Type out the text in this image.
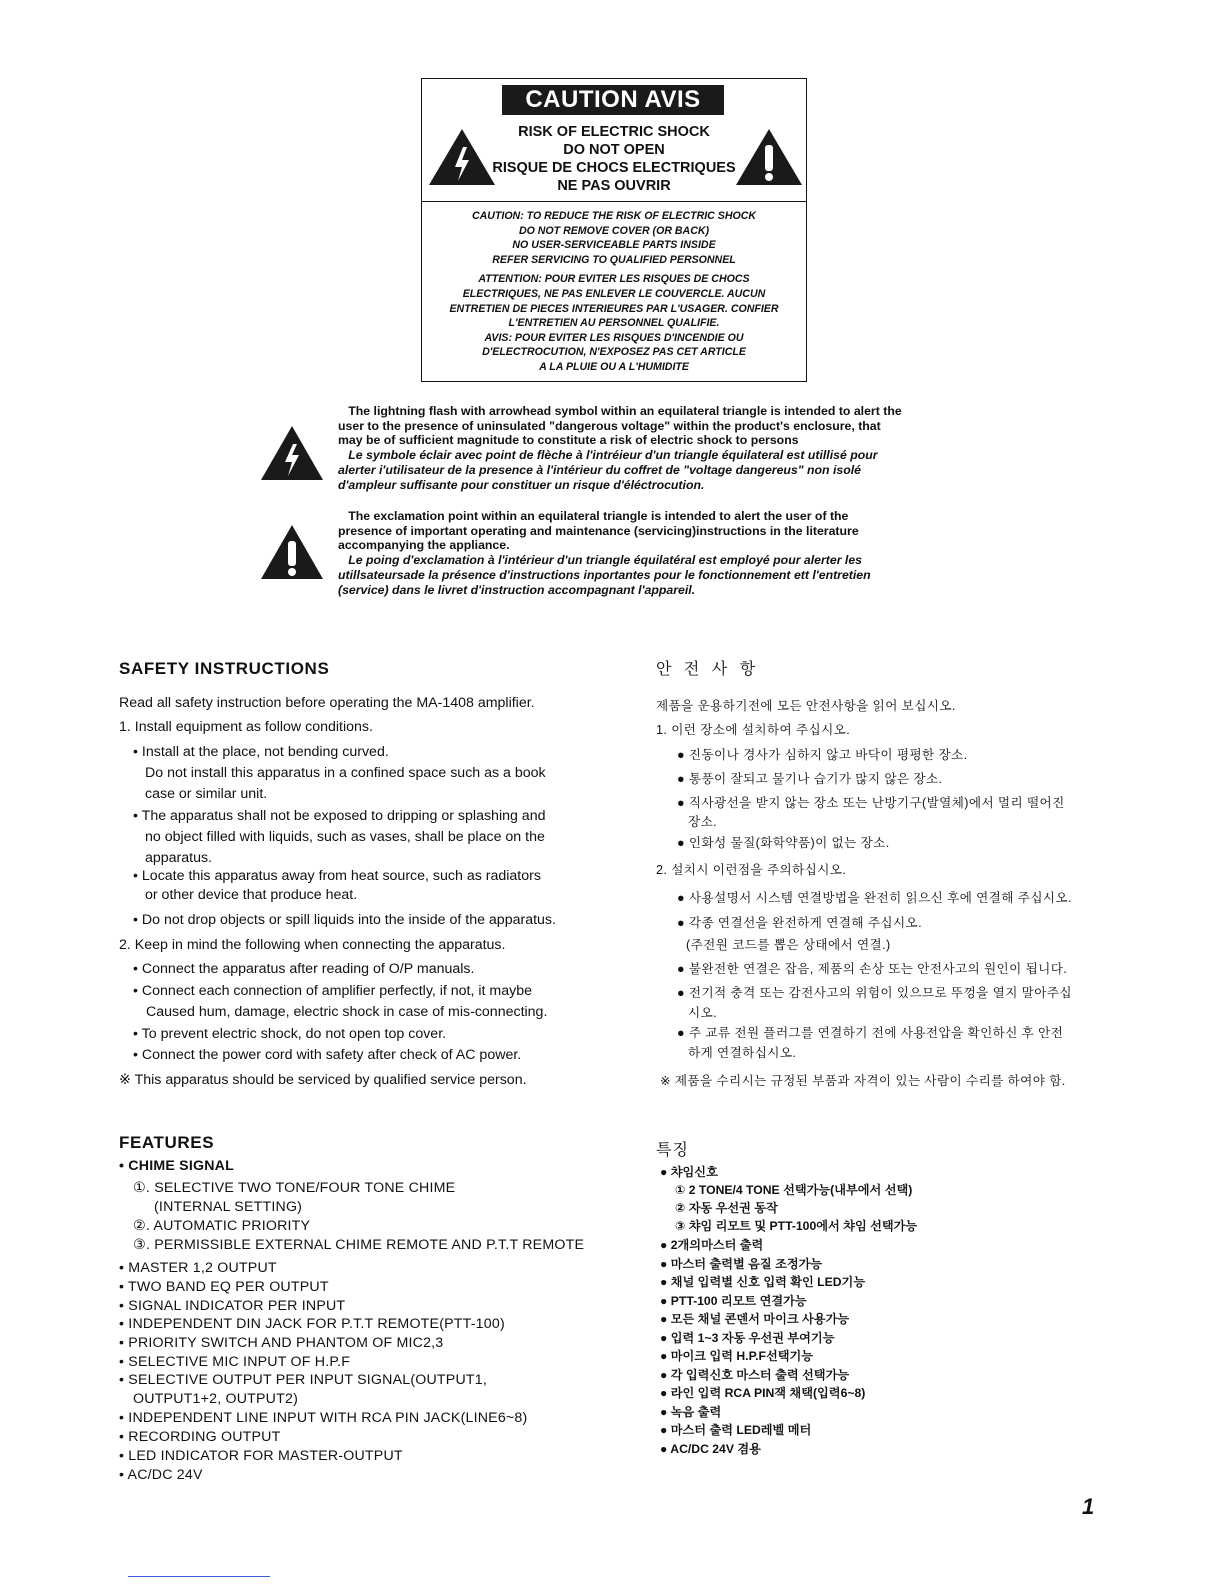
CAUTION AVIS
RISK OF ELECTRIC SHOCK
DO NOT OPEN
RISQUE DE CHOCS ELECTRIQUES
NE PAS OUVRIR
CAUTION: TO REDUCE THE RISK OF ELECTRIC SHOCK
DO NOT REMOVE COVER (OR BACK)
NO USER-SERVICEABLE PARTS INSIDE
REFER SERVICING TO QUALIFIED PERSONNEL
ATTENTION: POUR EVITER LES RISQUES DE CHOCS
ELECTRIQUES, NE PAS ENLEVER LE COUVERCLE. AUCUN
ENTRETIEN DE PIECES INTERIEURES PAR L'USAGER. CONFIER
L'ENTRETIEN AU PERSONNEL QUALIFIE.
AVIS: POUR EVITER LES RISQUES D'INCENDIE OU
D'ELECTROCUTION, N'EXPOSEZ PAS CET ARTICLE
A LA PLUIE OU A L'HUMIDITE
The lightning flash with arrowhead symbol within an equilateral triangle is intended to alert the
user to the presence of uninsulated "dangerous voltage" within the product's enclosure, that
may be of sufficient magnitude to constitute a risk of electric shock to persons
Le symbole éclair avec point de flèche à l'intréieur d'un triangle équilateral est utillisé pour
alerter i'utilisateur de la presence à l'intérieur du coffret de "voltage dangereus" non isolé
d'ampleur suffisante pour constituer un risque d'éléctrocution.
The exclamation point within an equilateral triangle is intended to alert the user of the
presence of important operating and maintenance (servicing)instructions in the literature
accompanying the appliance.
Le poing d'exclamation à l'intérieur d'un triangle équilatéral est employé pour alerter les
utillsateursade la présence d'instructions inportantes pour le fonctionnement ett l'entretien
(service) dans le livret d'instruction accompagnant l'appareil.
SAFETY INSTRUCTIONS
Read all safety instruction before operating the MA-1408 amplifier.
1. Install equipment as follow conditions.
• Install at the place, not bending curved.
Do not install this apparatus in a confined space such as a book
case or similar unit.
• The apparatus shall not be exposed to dripping or splashing and
no object filled with liquids, such as vases, shall be place on the
apparatus.
• Locate this apparatus away from heat source, such as radiators
or other device that produce heat.
• Do not drop objects or spill liquids into the inside of the apparatus.
2. Keep in mind the following when connecting the apparatus.
• Connect the apparatus after reading of O/P manuals.
• Connect each connection of amplifier perfectly, if not, it maybe
Caused hum, damage, electric shock in case of mis-connecting.
• To prevent electric shock, do not open top cover.
• Connect the power cord with safety after check of AC power.
※ This apparatus should be serviced by qualified service person.
안 전 사 항
제품을 운용하기전에 모든 안전사항을 읽어 보십시오.
1. 이런 장소에 설치하여 주십시오.
● 진동이나 경사가 심하지 않고 바닥이 평평한 장소.
● 통풍이 잘되고 물기나 습기가 많지 않은 장소.
● 직사광선을 받지 않는 장소 또는 난방기구(발열체)에서 멀리 떨어진
장소.
● 인화성 물질(화학약품)이 없는 장소.
2. 설치시 이런점을 주의하십시오.
● 사용설명서 시스템 연결방법을 완전히 읽으신 후에 연결해 주십시오.
● 각종 연결선을 완전하게 연결해 주십시오.
(주전원 코드를 뽑은 상태에서 연결.)
● 불완전한 연결은 잡음, 제품의 손상 또는 안전사고의 원인이 됩니다.
● 전기적 충격 또는 감전사고의 위험이 있으므로 뚜껑을 열지 말아주십
시오.
● 주 교류 전원 플러그를 연결하기 전에 사용전압을 확인하신 후 안전
하게 연결하십시오.
※ 제품을 수리시는 규정된 부품과 자격이 있는 사람이 수리를 하여야 함.
FEATURES
• CHIME SIGNAL
①. SELECTIVE TWO TONE/FOUR TONE CHIME
(INTERNAL SETTING)
②. AUTOMATIC PRIORITY
③. PERMISSIBLE EXTERNAL CHIME REMOTE AND P.T.T REMOTE
• MASTER 1,2 OUTPUT
• TWO BAND EQ PER OUTPUT
• SIGNAL INDICATOR PER INPUT
• INDEPENDENT DIN JACK FOR P.T.T REMOTE(PTT-100)
• PRIORITY SWITCH AND PHANTOM OF MIC2,3
• SELECTIVE MIC INPUT OF H.P.F
• SELECTIVE OUTPUT PER INPUT SIGNAL(OUTPUT1,
OUTPUT1+2, OUTPUT2)
• INDEPENDENT LINE INPUT WITH RCA PIN JACK(LINE6~8)
• RECORDING OUTPUT
• LED INDICATOR FOR MASTER-OUTPUT
• AC/DC 24V
특징
● 챠임신호
① 2 TONE/4 TONE 선택가능(내부에서 선택)
② 자동 우선권 동작
③ 챠임 리모트 및 PTT-100에서 챠임 선택가능
● 2개의마스터 출력
● 마스터 출력별 음질 조정가능
● 채널 입력별 신호 입력 확인 LED기능
● PTT-100 리모트 연결가능
● 모든 채널 콘덴서 마이크 사용가능
● 입력 1~3 자동 우선권 부여기능
● 마이크 입력 H.P.F선택기능
● 각 입력신호 마스터 출력 선택가능
● 라인 입력 RCA PIN잭 채택(입력6~8)
● 녹음 출력
● 마스터 출력 LED레벨 메터
● AC/DC 24V 겸용
1
